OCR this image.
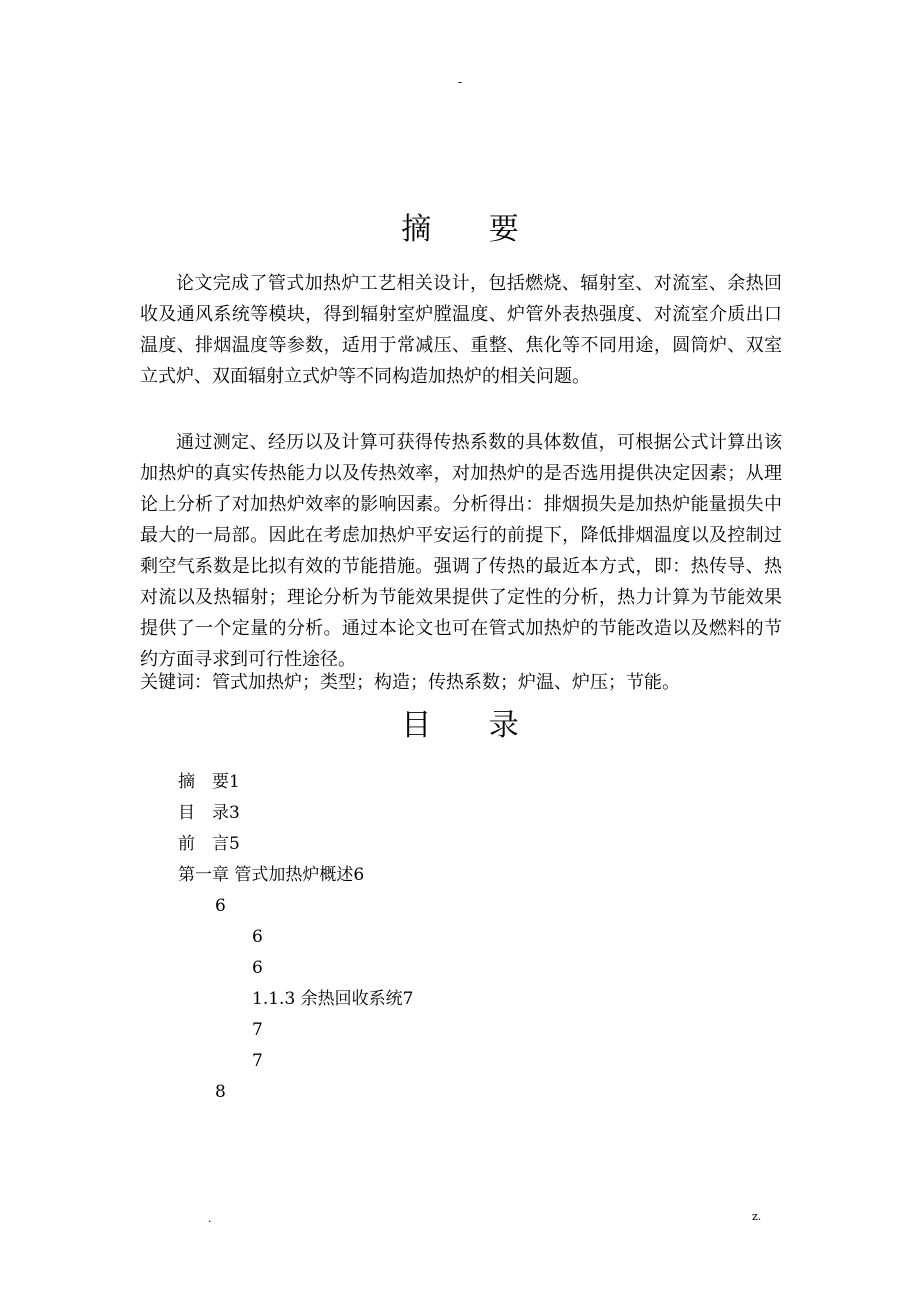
-
摘 要
论文完成了管式加热炉工艺相关设计，包括燃烧、辐射室、对流室、余热回收及通风系统等模块，得到辐射室炉膛温度、炉管外表热强度、对流室介质出口温度、排烟温度等参数，适用于常减压、重整、焦化等不同用途，圆筒炉、双室立式炉、双面辐射立式炉等不同构造加热炉的相关问题。
通过测定、经历以及计算可获得传热系数的具体数值，可根据公式计算出该加热炉的真实传热能力以及传热效率，对加热炉的是否选用提供决定因素；从理论上分析了对加热炉效率的影响因素。分析得出：排烟损失是加热炉能量损失中最大的一局部。因此在考虑加热炉平安运行的前提下，降低排烟温度以及控制过剩空气系数是比拟有效的节能措施。强调了传热的最近本方式，即：热传导、热对流以及热辐射；理论分析为节能效果提供了定性的分析，热力计算为节能效果提供了一个定量的分析。通过本论文也可在管式加热炉的节能改造以及燃料的节约方面寻求到可行性途径。
关键词：管式加热炉；类型；构造；传热系数；炉温、炉压；节能。
目 录
摘　要1
目　录3
前　言5
第一章 管式加热炉概述6
6
6
6
1.1.3 余热回收系统7
7
7
8
.	z.
